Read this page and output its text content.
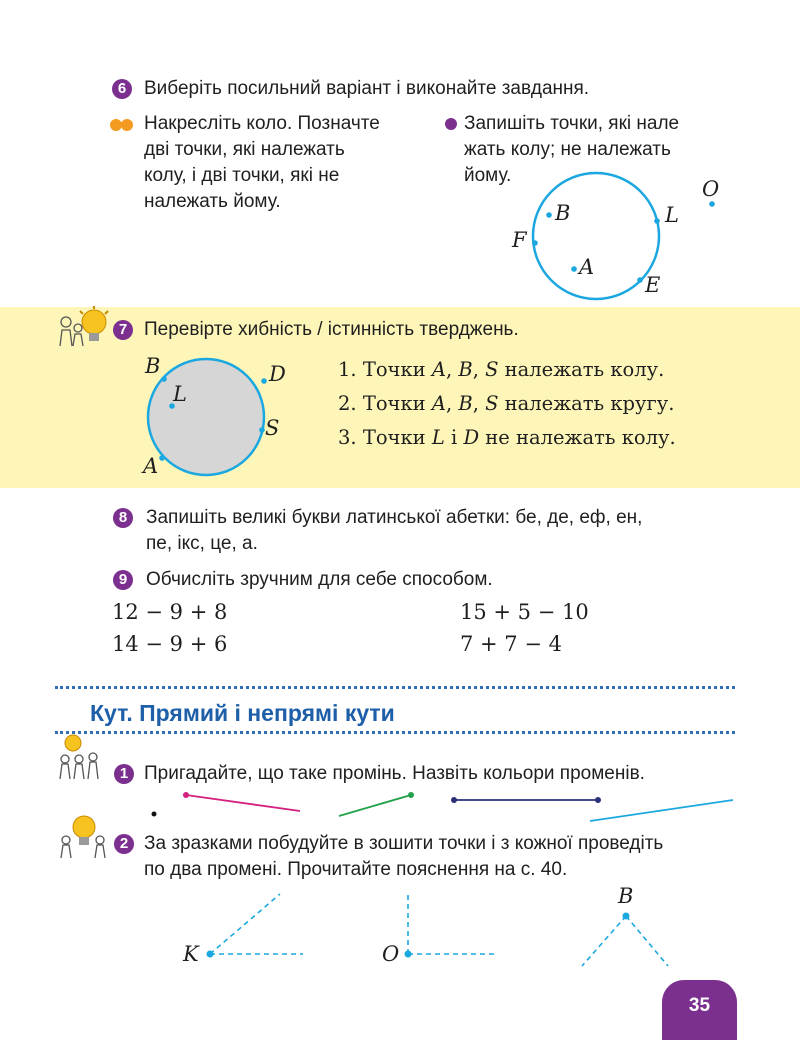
6 Виберіть посильний варіант і виконайте завдання.
Накресліть коло. Позначте
дві точки, які належать
колу, і дві точки, які не
належать йому.
Запишіть точки, які нале
жать колу; не належать
йому.
B	L
O
F
A
E
7 Перевірте хибність / істинність тверджень.
B	D
L
S
A
1. Точки A, B, S належать колу.
2. Точки A, B, S належать кругу.
3. Точки L і D не належать колу.
8 Запишіть великі букви латинської абетки: бе, де, еф, ен,
пе, ікс, це, а.
9 Обчисліть зручним для себе способом.
12 − 9 + 8	15 + 5 − 10
14 − 9 + 6	7 + 7 − 4
Кут. Прямий і непрямі кути
1 Пригадайте, що таке промінь. Назвіть кольори променів.
2 За зразками побудуйте в зошити точки і з кожної проведіть
по два промені. Прочитайте пояснення на с. 40.
K	O
B
35
